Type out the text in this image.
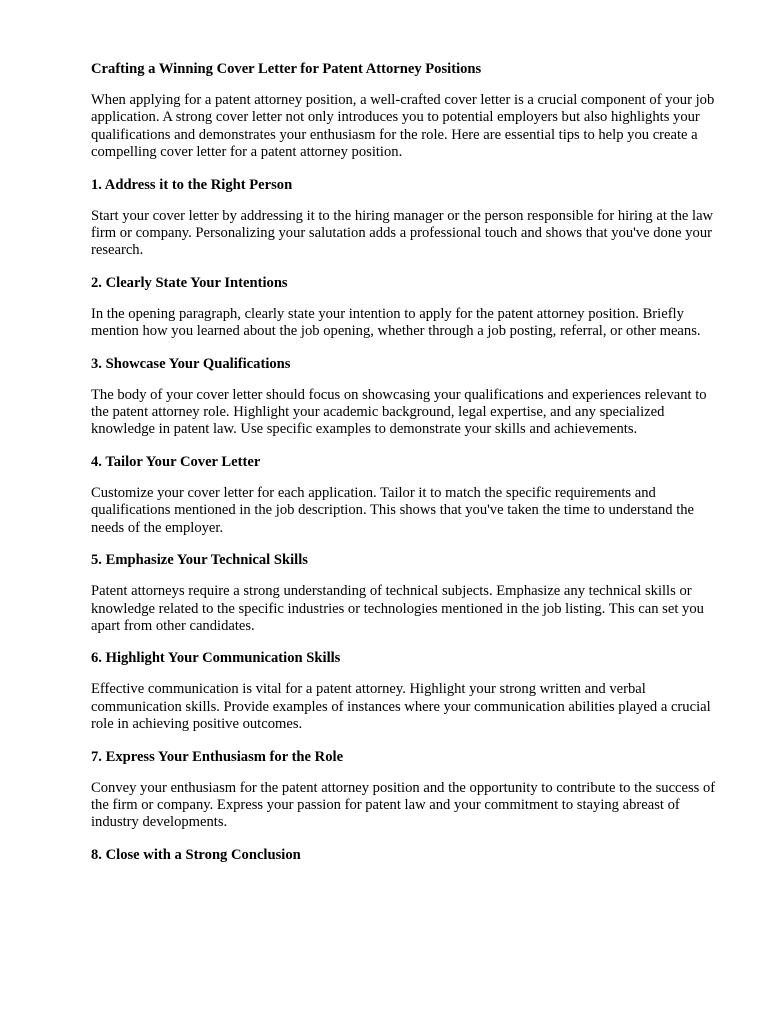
Crafting a Winning Cover Letter for Patent Attorney Positions

When applying for a patent attorney position, a well-crafted cover letter is a crucial component of your job application. A strong cover letter not only introduces you to potential employers but also highlights your qualifications and demonstrates your enthusiasm for the role. Here are essential tips to help you create a compelling cover letter for a patent attorney position.

1. Address it to the Right Person

Start your cover letter by addressing it to the hiring manager or the person responsible for hiring at the law firm or company. Personalizing your salutation adds a professional touch and shows that you've done your research.

2. Clearly State Your Intentions

In the opening paragraph, clearly state your intention to apply for the patent attorney position. Briefly mention how you learned about the job opening, whether through a job posting, referral, or other means.

3. Showcase Your Qualifications

The body of your cover letter should focus on showcasing your qualifications and experiences relevant to the patent attorney role. Highlight your academic background, legal expertise, and any specialized knowledge in patent law. Use specific examples to demonstrate your skills and achievements.

4. Tailor Your Cover Letter

Customize your cover letter for each application. Tailor it to match the specific requirements and qualifications mentioned in the job description. This shows that you've taken the time to understand the needs of the employer.

5. Emphasize Your Technical Skills

Patent attorneys require a strong understanding of technical subjects. Emphasize any technical skills or knowledge related to the specific industries or technologies mentioned in the job listing. This can set you apart from other candidates.

6. Highlight Your Communication Skills

Effective communication is vital for a patent attorney. Highlight your strong written and verbal communication skills. Provide examples of instances where your communication abilities played a crucial role in achieving positive outcomes.

7. Express Your Enthusiasm for the Role

Convey your enthusiasm for the patent attorney position and the opportunity to contribute to the success of the firm or company. Express your passion for patent law and your commitment to staying abreast of industry developments.

8. Close with a Strong Conclusion
